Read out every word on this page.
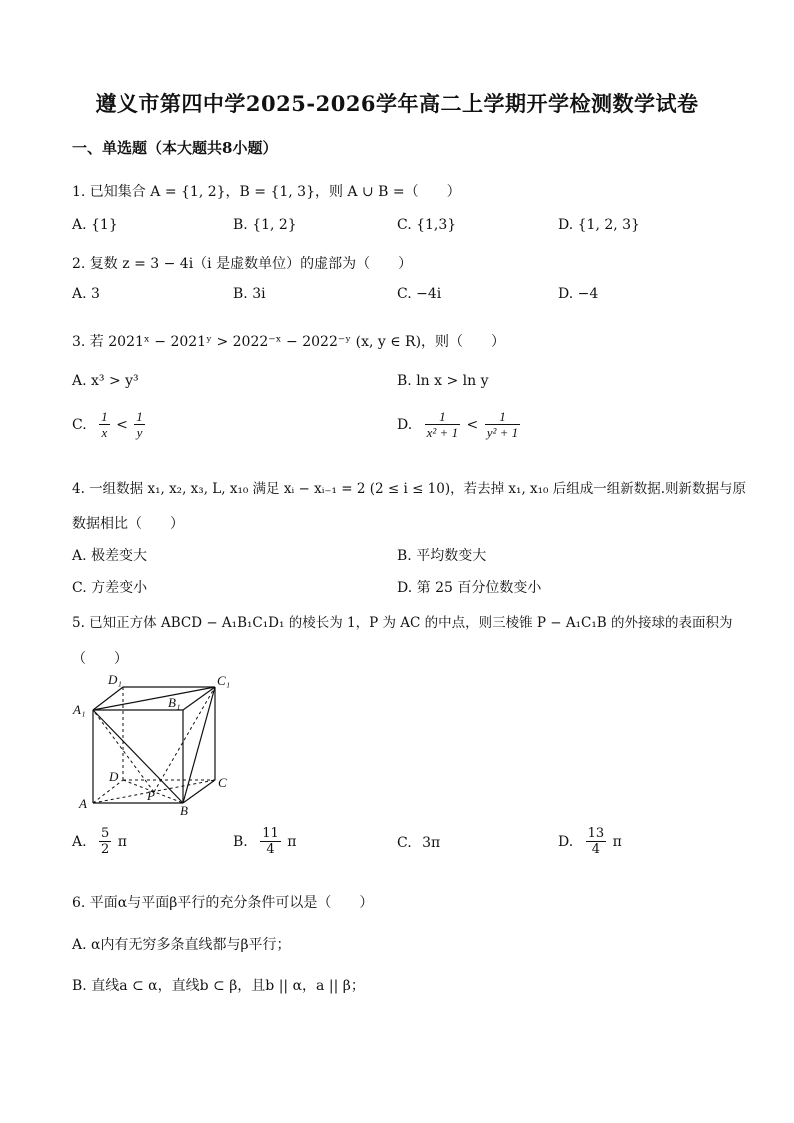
遵义市第四中学2025-2026学年高二上学期开学检测数学试卷
一、单选题（本大题共8小题）
1. 已知集合 A = {1, 2}，B = {1, 3}，则 A ∪ B =（　　）
A. {1}	B. {1, 2}	C. {1,3}	D. {1, 2, 3}
2. 复数 z = 3 − 4i（i 是虚数单位）的虚部为（　　）
A. 3	B. 3i	C. −4i	D. −4
3. 若 2021ˣ − 2021ʸ > 2022⁻ˣ − 2022⁻ʸ (x, y ∈ R)，则（　　）
A. x³ > y³	B. ln x > ln y
C. $\frac{1}{x} < \frac{1}{y}$	D. $\frac{1}{\text{x² + 1}} < \frac{1}{\text{y² + 1}}$
4. 一组数据 x₁, x₂, x₃, L, x₁₀ 满足 xᵢ − xᵢ₋₁ = 2 (2 ≤ i ≤ 10)，若去掉 x₁, x₁₀ 后组成一组新数据.则新数据与原
数据相比（　　）
A. 极差变大	B. 平均数变大
C. 方差变小	D. 第 25 百分位数变小
5. 已知正方体 ABCD − A₁B₁C₁D₁ 的棱长为 1，P 为 AC 的中点，则三棱锥 P − A₁C₁B 的外接球的表面积为
（　　）
D₁	C₁
A₁	B₁
D	C
A
P
B
A. $\frac{5}{2}$ π	B. $\frac{11}{4}$ π	C. 3π	D. $\frac{13}{4}$ π
6. 平面α与平面β平行的充分条件可以是（　　）
A. α内有无穷多条直线都与β平行；
B. 直线a ⊂ α，直线b ⊂ β，且b || α，a || β；
